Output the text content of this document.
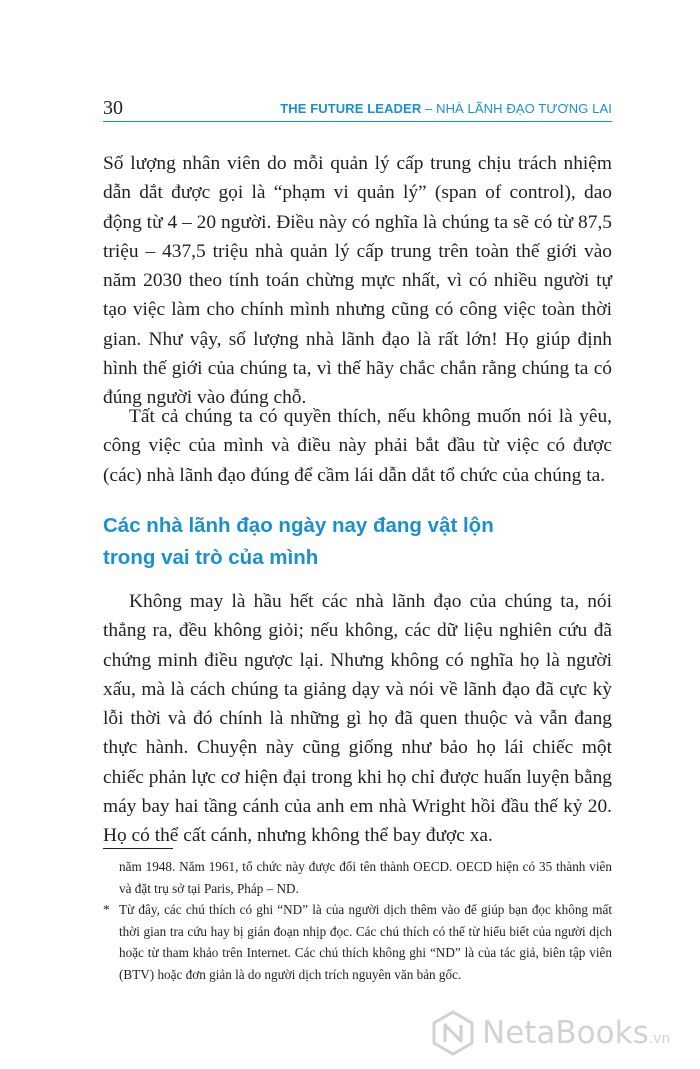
30	THE FUTURE LEADER – NHÀ LÃNH ĐẠO TƯƠNG LAI

Số lượng nhân viên do mỗi quản lý cấp trung chịu trách nhiệm dẫn dắt được gọi là “phạm vi quản lý” (span of control), dao động từ 4 – 20 người. Điều này có nghĩa là chúng ta sẽ có từ 87,5 triệu – 437,5 triệu nhà quản lý cấp trung trên toàn thế giới vào năm 2030 theo tính toán chừng mực nhất, vì có nhiều người tự tạo việc làm cho chính mình nhưng cũng có công việc toàn thời gian. Như vậy, số lượng nhà lãnh đạo là rất lớn! Họ giúp định hình thế giới của chúng ta, vì thế hãy chắc chắn rằng chúng ta có đúng người vào đúng chỗ.

Tất cả chúng ta có quyền thích, nếu không muốn nói là yêu, công việc của mình và điều này phải bắt đầu từ việc có được (các) nhà lãnh đạo đúng để cầm lái dẫn dắt tổ chức của chúng ta.

Các nhà lãnh đạo ngày nay đang vật lộn
trong vai trò của mình

Không may là hầu hết các nhà lãnh đạo của chúng ta, nói thẳng ra, đều không giỏi; nếu không, các dữ liệu nghiên cứu đã chứng minh điều ngược lại. Nhưng không có nghĩa họ là người xấu, mà là cách chúng ta giảng dạy và nói về lãnh đạo đã cực kỳ lỗi thời và đó chính là những gì họ đã quen thuộc và vẫn đang thực hành. Chuyện này cũng giống như bảo họ lái chiếc một chiếc phản lực cơ hiện đại trong khi họ chỉ được huấn luyện bằng máy bay hai tầng cánh của anh em nhà Wright hồi đầu thế kỷ 20. Họ có thể cất cánh, nhưng không thể bay được xa.

năm 1948. Năm 1961, tổ chức này được đổi tên thành OECD. OECD hiện có 35 thành viên và đặt trụ sở tại Paris, Pháp – ND.

* Từ đây, các chú thích có ghi “ND” là của người dịch thêm vào để giúp bạn đọc không mất thời gian tra cứu hay bị gián đoạn nhịp đọc. Các chú thích có thể từ hiểu biết của người dịch hoặc từ tham khảo trên Internet. Các chú thích không ghi “ND” là của tác giả, biên tập viên (BTV) hoặc đơn giản là do người dịch trích nguyên văn bản gốc.

NetaBooks.vn
